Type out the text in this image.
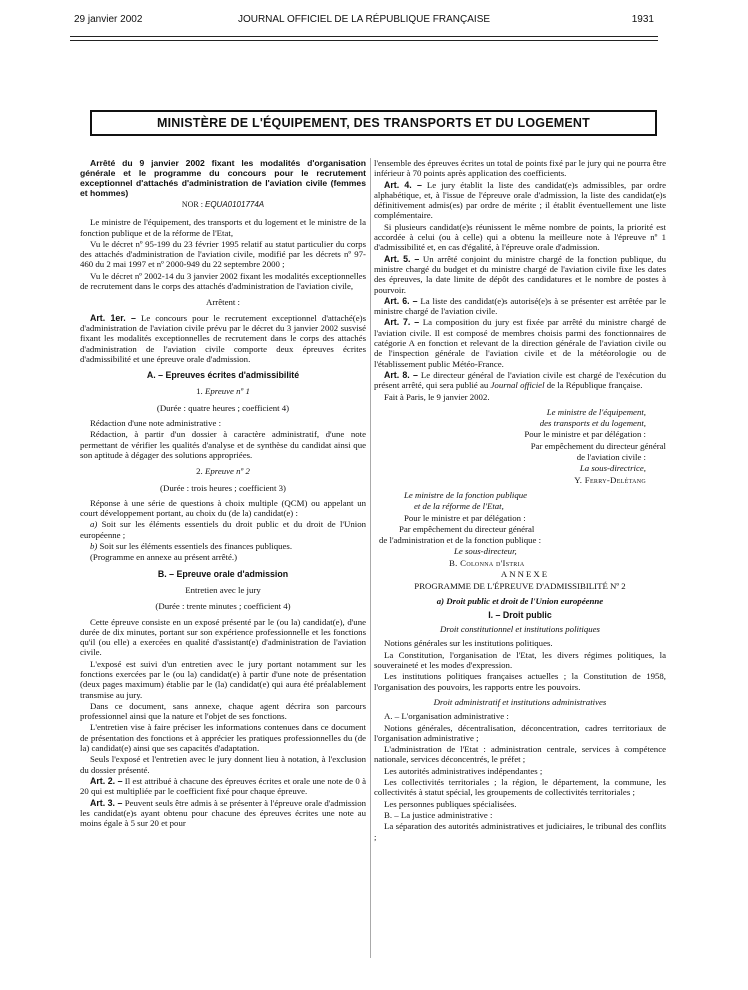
29 janvier 2002	JOURNAL OFFICIEL DE LA RÉPUBLIQUE FRANÇAISE	1931
MINISTÈRE DE L'ÉQUIPEMENT, DES TRANSPORTS ET DU LOGEMENT

Arrêté du 9 janvier 2002 fixant les modalités d'organisation générale et le programme du concours pour le recrutement exceptionnel d'attachés d'administration de l'aviation civile (femmes et hommes)

NOR : EQUA0101774A

Le ministre de l'équipement, des transports et du logement et le ministre de la fonction publique et de la réforme de l'Etat,

Vu le décret nº 95-199 du 23 février 1995 relatif au statut particulier du corps des attachés d'administration de l'aviation civile, modifié par les décrets nº 97-460 du 2 mai 1997 et nº 2000-949 du 22 septembre 2000 ;

Vu le décret nº 2002-14 du 3 janvier 2002 fixant les modalités exceptionnelles de recrutement dans le corps des attachés d'administration de l'aviation civile,

Arrêtent :

Art. 1er. – Le concours pour le recrutement exceptionnel d'attaché(e)s d'administration de l'aviation civile prévu par le décret du 3 janvier 2002 susvisé fixant les modalités exceptionnelles de recrutement dans le corps des attachés d'administration de l'aviation civile comporte deux épreuves écrites d'admissibilité et une épreuve orale d'admission.

A. – Epreuves écrites d'admissibilité

1. Epreuve nº 1

(Durée : quatre heures ; coefficient 4)

Rédaction d'une note administrative :

Rédaction, à partir d'un dossier à caractère administratif, d'une note permettant de vérifier les qualités d'analyse et de synthèse du candidat ainsi que son aptitude à dégager des solutions appropriées.

2. Epreuve nº 2

(Durée : trois heures ; coefficient 3)

Réponse à une série de questions à choix multiple (QCM) ou appelant un court développement portant, au choix du (de la) candidat(e) :

a) Soit sur les éléments essentiels du droit public et du droit de l'Union européenne ;

b) Soit sur les éléments essentiels des finances publiques.

(Programme en annexe au présent arrêté.)

B. – Epreuve orale d'admission

Entretien avec le jury

(Durée : trente minutes ; coefficient 4)

Cette épreuve consiste en un exposé présenté par le (ou la) candidat(e), d'une durée de dix minutes, portant sur son expérience professionnelle et les fonctions qu'il (ou elle) a exercées en qualité d'assistant(e) d'administration de l'aviation civile.

L'exposé est suivi d'un entretien avec le jury portant notamment sur les fonctions exercées par le (ou la) candidat(e) à partir d'une note de présentation (deux pages maximum) établie par le (la) candidat(e) qui aura été préalablement transmise au jury.

Dans ce document, sans annexe, chaque agent décrira son parcours professionnel ainsi que la nature et l'objet de ses fonctions.

L'entretien vise à faire préciser les informations contenues dans ce document de présentation des fonctions et à apprécier les pratiques professionnelles du (de la) candidat(e) ainsi que ses capacités d'adaptation.

Seuls l'exposé et l'entretien avec le jury donnent lieu à notation, à l'exclusion du dossier présenté.

Art. 2. – Il est attribué à chacune des épreuves écrites et orale une note de 0 à 20 qui est multipliée par le coefficient fixé pour chaque épreuve.

Art. 3. – Peuvent seuls être admis à se présenter à l'épreuve orale d'admission les candidat(e)s ayant obtenu pour chacune des épreuves écrites une note au moins égale à 5 sur 20 et pour

l'ensemble des épreuves écrites un total de points fixé par le jury qui ne pourra être inférieur à 70 points après application des coefficients.

Art. 4. – Le jury établit la liste des candidat(e)s admissibles, par ordre alphabétique, et, à l'issue de l'épreuve orale d'admission, la liste des candidat(e)s définitivement admis(es) par ordre de mérite ; il établit éventuellement une liste complémentaire.

Si plusieurs candidat(e)s réunissent le même nombre de points, la priorité est accordée à celui (ou à celle) qui a obtenu la meilleure note à l'épreuve nº 1 d'admissibilité et, en cas d'égalité, à l'épreuve orale d'admission.

Art. 5. – Un arrêté conjoint du ministre chargé de la fonction publique, du ministre chargé du budget et du ministre chargé de l'aviation civile fixe les dates des épreuves, la date limite de dépôt des candidatures et le nombre de postes à pourvoir.

Art. 6. – La liste des candidat(e)s autorisé(e)s à se présenter est arrêtée par le ministre chargé de l'aviation civile.

Art. 7. – La composition du jury est fixée par arrêté du ministre chargé de l'aviation civile. Il est composé de membres choisis parmi des fonctionnaires de catégorie A en fonction et relevant de la direction générale de l'aviation civile ou de l'inspection générale de l'aviation civile et de la météorologie ou de l'établissement public Météo-France.

Art. 8. – Le directeur général de l'aviation civile est chargé de l'exécution du présent arrêté, qui sera publié au Journal officiel de la République française.

Fait à Paris, le 9 janvier 2002.

Le ministre de l'équipement,

des transports et du logement,

Pour le ministre et par délégation :

Par empêchement du directeur général

de l'aviation civile :

La sous-directrice,

Y. Ferry-Delétang

Le ministre de la fonction publique

et de la réforme de l'Etat,

Pour le ministre et par délégation :

Par empêchement du directeur général

de l'administration et de la fonction publique :

Le sous-directeur,

B. Colonna d'Istria

ANNEXE

PROGRAMME DE L'ÉPREUVE D'ADMISSIBILITÉ Nº 2

a) Droit public et droit de l'Union européenne

I. – Droit public

Droit constitutionnel et institutions politiques

Notions générales sur les institutions politiques.

La Constitution, l'organisation de l'Etat, les divers régimes politiques, la souveraineté et les modes d'expression.

Les institutions politiques françaises actuelles ; la Constitution de 1958, l'organisation des pouvoirs, les rapports entre les pouvoirs.

Droit administratif et institutions administratives

A. – L'organisation administrative :

Notions générales, décentralisation, déconcentration, cadres territoriaux de l'organisation administrative ;

L'administration de l'Etat : administration centrale, services à compétence nationale, services déconcentrés, le préfet ;

Les autorités administratives indépendantes ;

Les collectivités territoriales ; la région, le département, la commune, les collectivités à statut spécial, les groupements de collectivités territoriales ;

Les personnes publiques spécialisées.

B. – La justice administrative :

La séparation des autorités administratives et judiciaires, le tribunal des conflits ;
